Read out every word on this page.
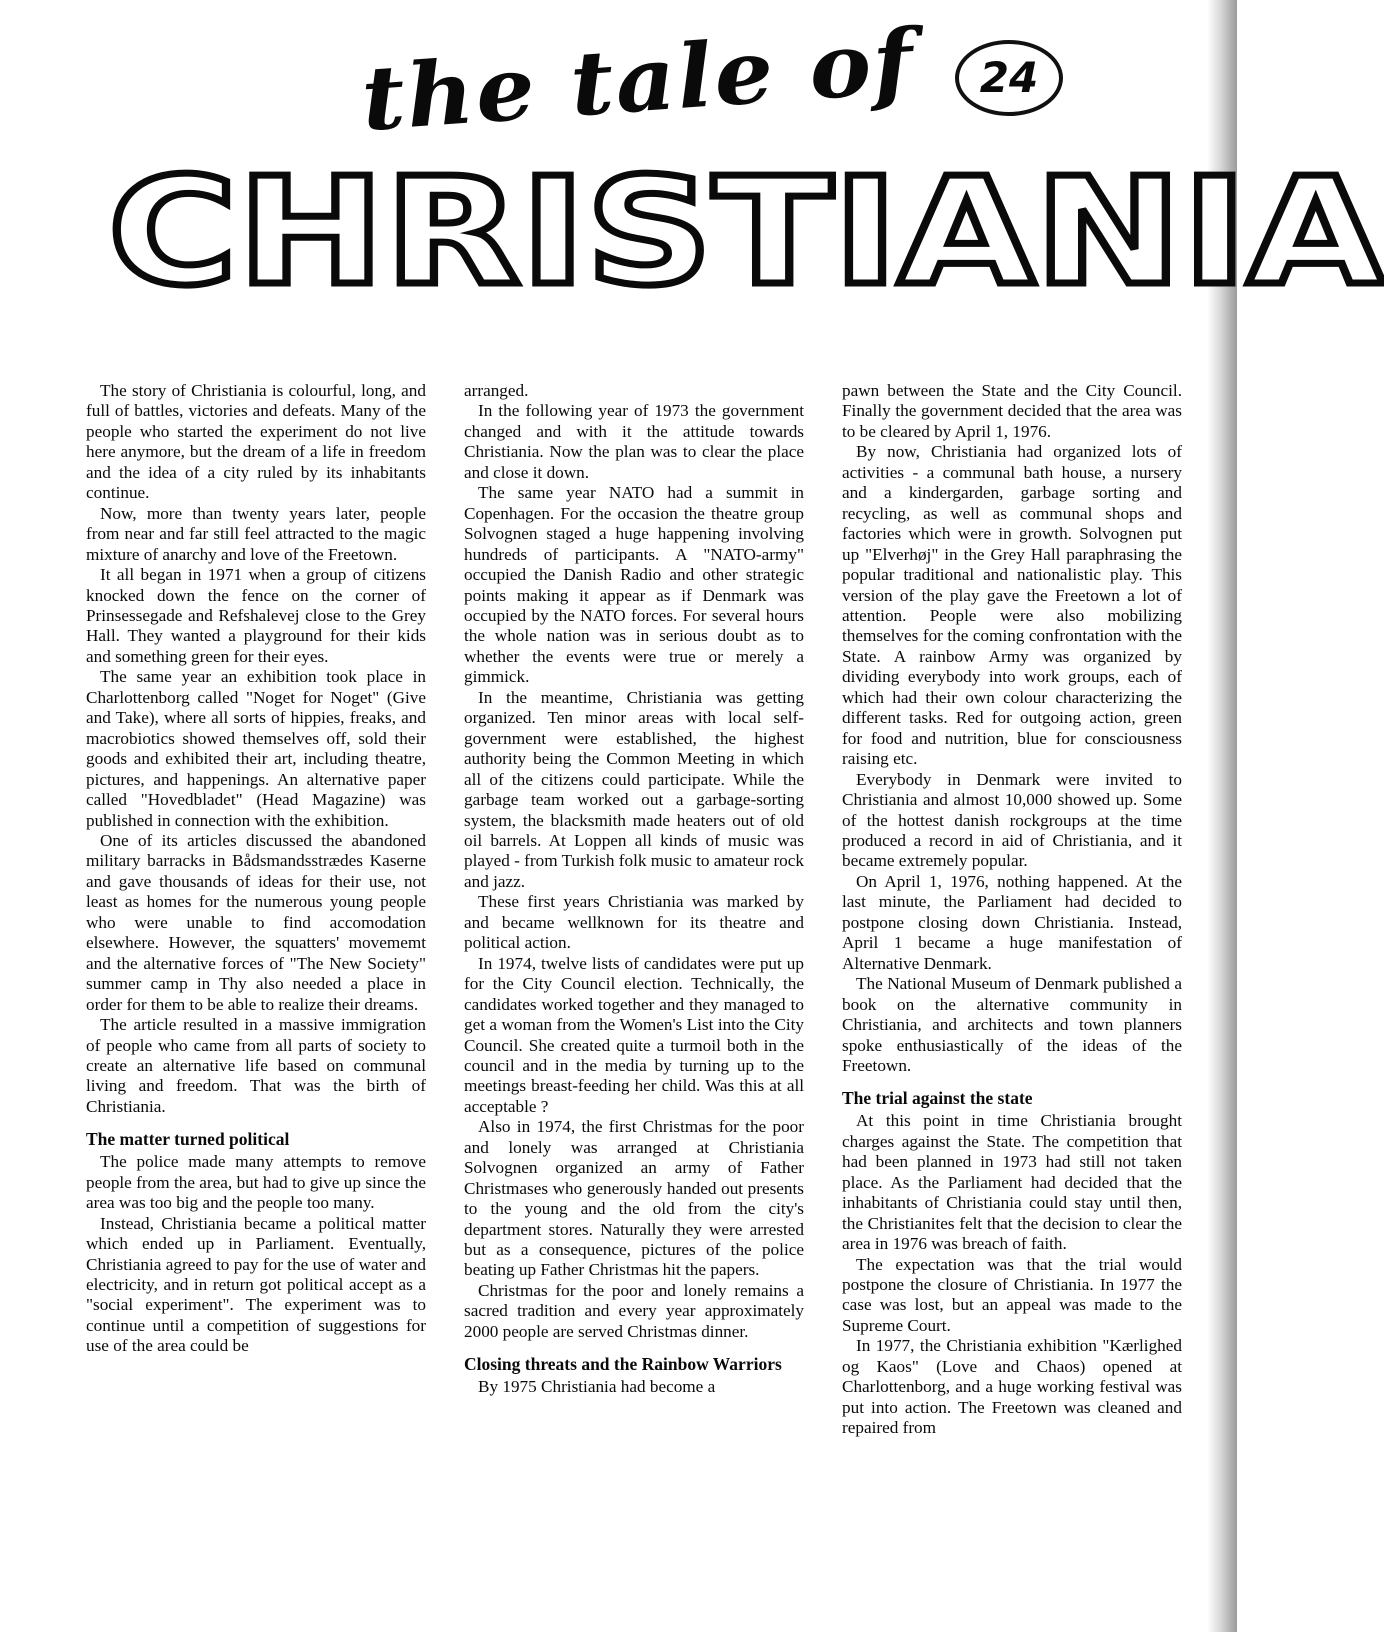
the tale of	24
CHRISTIANIA

The story of Christiania is colourful, long, and full of battles, victories and defeats. Many of the people who started the experiment do not live here anymore, but the dream of a life in freedom and the idea of a city ruled by its inhabitants continue.

Now, more than twenty years later, people from near and far still feel attracted to the magic mixture of anarchy and love of the Freetown.

It all began in 1971 when a group of citizens knocked down the fence on the corner of Prinsessegade and Refshalevej close to the Grey Hall. They wanted a playground for their kids and something green for their eyes.

The same year an exhibition took place in Charlottenborg called "Noget for Noget" (Give and Take), where all sorts of hippies, freaks, and macrobiotics showed themselves off, sold their goods and exhibited their art, including theatre, pictures, and happenings. An alternative paper called "Hovedbladet" (Head Magazine) was published in connection with the exhibition.

One of its articles discussed the abandoned military barracks in Bådsmandsstrædes Kaserne and gave thousands of ideas for their use, not least as homes for the numerous young people who were unable to find accomodation elsewhere. However, the squatters' movememt and the alternative forces of "The New Society" summer camp in Thy also needed a place in order for them to be able to realize their dreams.

The article resulted in a massive immigration of people who came from all parts of society to create an alternative life based on communal living and freedom. That was the birth of Christiania.

The matter turned political

The police made many attempts to remove people from the area, but had to give up since the area was too big and the people too many.

Instead, Christiania became a political matter which ended up in Parliament. Eventually, Christiania agreed to pay for the use of water and electricity, and in return got political accept as a "social experiment". The experiment was to continue until a competition of suggestions for use of the area could be

arranged.

In the following year of 1973 the government changed and with it the attitude towards Christiania. Now the plan was to clear the place and close it down.

The same year NATO had a summit in Copenhagen. For the occasion the theatre group Solvognen staged a huge happening involving hundreds of participants. A "NATO-army" occupied the Danish Radio and other strategic points making it appear as if Denmark was occupied by the NATO forces. For several hours the whole nation was in serious doubt as to whether the events were true or merely a gimmick.

In the meantime, Christiania was getting organized. Ten minor areas with local self-government were established, the highest authority being the Common Meeting in which all of the citizens could participate. While the garbage team worked out a garbage-sorting system, the blacksmith made heaters out of old oil barrels. At Loppen all kinds of music was played - from Turkish folk music to amateur rock and jazz.

These first years Christiania was marked by and became wellknown for its theatre and political action.

In 1974, twelve lists of candidates were put up for the City Council election. Technically, the candidates worked together and they managed to get a woman from the Women's List into the City Council. She created quite a turmoil both in the council and in the media by turning up to the meetings breast-feeding her child. Was this at all acceptable ?

Also in 1974, the first Christmas for the poor and lonely was arranged at Christiania Solvognen organized an army of Father Christmases who generously handed out presents to the young and the old from the city's department stores. Naturally they were arrested but as a consequence, pictures of the police beating up Father Christmas hit the papers.

Christmas for the poor and lonely remains a sacred tradition and every year approximately 2000 people are served Christmas dinner.

Closing threats and the Rainbow Warriors

By 1975 Christiania had become a

pawn between the State and the City Council. Finally the government decided that the area was to be cleared by April 1, 1976.

By now, Christiania had organized lots of activities - a communal bath house, a nursery and a kindergarden, garbage sorting and recycling, as well as communal shops and factories which were in growth. Solvognen put up "Elverhøj" in the Grey Hall paraphrasing the popular traditional and nationalistic play. This version of the play gave the Freetown a lot of attention. People were also mobilizing themselves for the coming confrontation with the State. A rainbow Army was organized by dividing everybody into work groups, each of which had their own colour characterizing the different tasks. Red for outgoing action, green for food and nutrition, blue for consciousness raising etc.

Everybody in Denmark were invited to Christiania and almost 10,000 showed up. Some of the hottest danish rockgroups at the time produced a record in aid of Christiania, and it became extremely popular.

On April 1, 1976, nothing happened. At the last minute, the Parliament had decided to postpone closing down Christiania. Instead, April 1 became a huge manifestation of Alternative Denmark.

The National Museum of Denmark published a book on the alternative community in Christiania, and architects and town planners spoke enthusiastically of the ideas of the Freetown.

The trial against the state

At this point in time Christiania brought charges against the State. The competition that had been planned in 1973 had still not taken place. As the Parliament had decided that the inhabitants of Christiania could stay until then, the Christianites felt that the decision to clear the area in 1976 was breach of faith.

The expectation was that the trial would postpone the closure of Christiania. In 1977 the case was lost, but an appeal was made to the Supreme Court.

In 1977, the Christiania exhibition "Kærlighed og Kaos" (Love and Chaos) opened at Charlottenborg, and a huge working festival was put into action. The Freetown was cleaned and repaired from
